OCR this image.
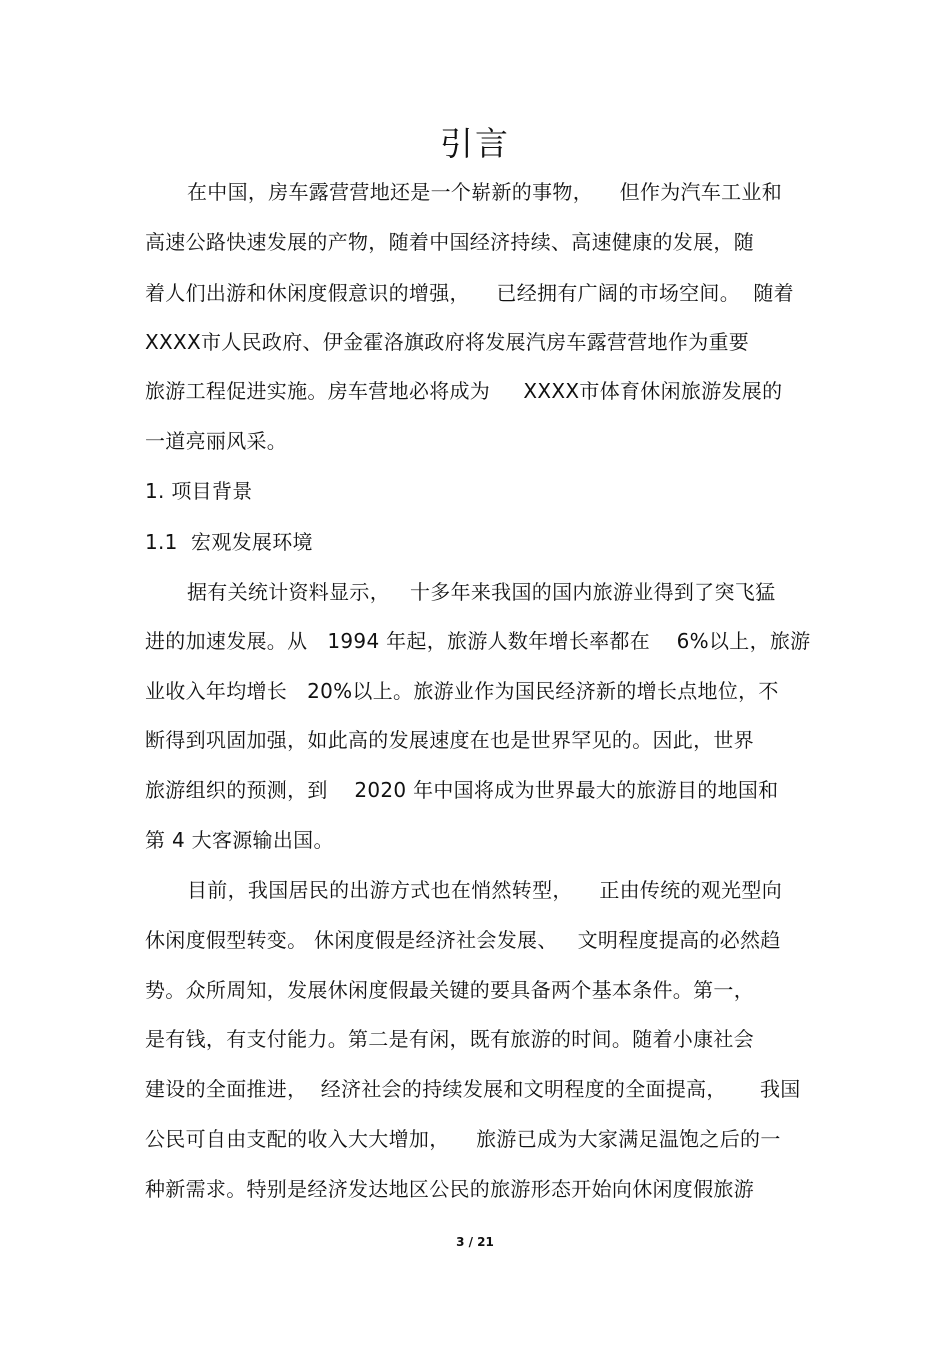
引言
在中国，房车露营营地还是一个崭新的事物，    但作为汽车工业和
高速公路快速发展的产物，随着中国经济持续、高速健康的发展，随
着人们出游和休闲度假意识的增强，    已经拥有广阔的市场空间。  随着
XXXX市人民政府、伊金霍洛旗政府将发展汽房车露营营地作为重要
旅游工程促进实施。房车营地必将成为     XXXX市体育休闲旅游发展的
一道亮丽风采。
1. 项目背景
1.1  宏观发展环境
据有关统计资料显示，   十多年来我国的国内旅游业得到了突飞猛
进的加速发展。从   1994 年起，旅游人数年增长率都在    6%以上，旅游
业收入年均增长   20%以上。旅游业作为国民经济新的增长点地位，不
断得到巩固加强，如此高的发展速度在也是世界罕见的。因此，世界
旅游组织的预测，到    2020 年中国将成为世界最大的旅游目的地国和
第 4 大客源输出国。
目前，我国居民的出游方式也在悄然转型，    正由传统的观光型向
休闲度假型转变。 休闲度假是经济社会发展、   文明程度提高的必然趋
势。众所周知，发展休闲度假最关键的要具备两个基本条件。第一，
是有钱，有支付能力。第二是有闲，既有旅游的时间。随着小康社会
建设的全面推进，  经济社会的持续发展和文明程度的全面提高，     我国
公民可自由支配的收入大大增加，    旅游已成为大家满足温饱之后的一
种新需求。特别是经济发达地区公民的旅游形态开始向休闲度假旅游
3 / 21
